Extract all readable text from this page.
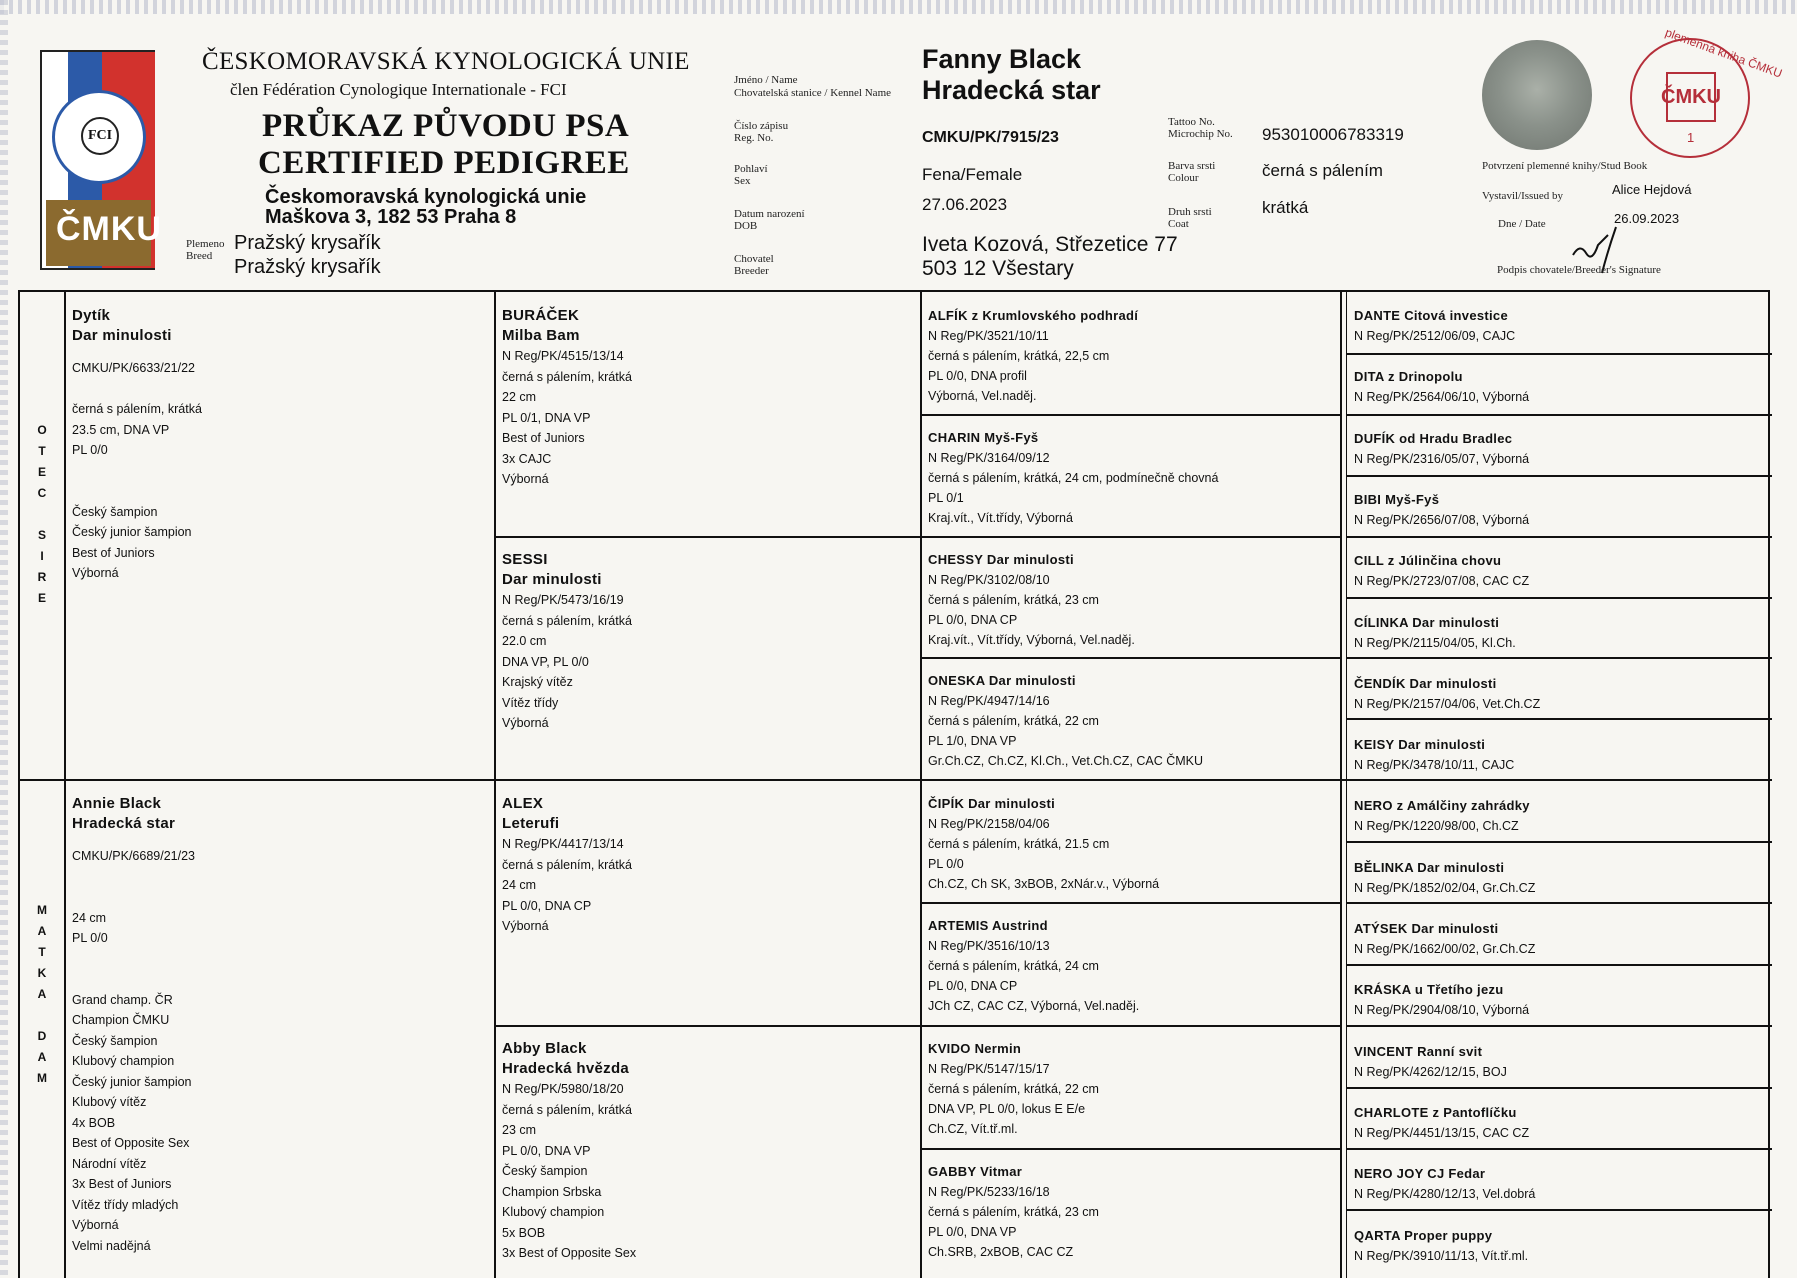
FCI
ČMKU
ČESKOMORAVSKÁ KYNOLOGICKÁ UNIE
člen Fédération Cynologique Internationale - FCI
PRŮKAZ PŮVODU PSA
CERTIFIED PEDIGREE
Českomoravská kynologická unie
Maškova 3, 182 53 Praha 8
Plemeno
Breed
Pražský krysařík
Pražský krysařík
Jméno / Name
Chovatelská stanice / Kennel Name
Fanny Black
Hradecká star
Číslo zápisu
Reg. No.	CMKU/PK/7915/23
Pohlaví
Sex	Fena/Female
Datum narození
DOB
27.06.2023
Chovatel
Breeder
Iveta Kozová, Střezetice 77
503 12 Všestary
Tattoo No.
Microchip No. 953010006783319
Barva srsti
Colour	černá s pálením
Druh srsti
Coat
krátká
plemenná kniha ČMKU
ČMKU
1
Potvrzení plemenné knihy/Stud Book
Vystavil/Issued by	Alice Hejdová
Dne / Date	26.09.2023
Podpis chovatele/Breeder's Signature
O
T
E
C
S
I
R
E
M
A
T
K
A
D
A
M
Dytík
Dar minulosti
CMKU/PK/6633/21/22
černá s pálením, krátká
23.5 cm, DNA VP
PL 0/0
Český šampion
Český junior šampion
Best of Juniors
Výborná
Annie Black
Hradecká star
CMKU/PK/6689/21/23
24 cm
PL 0/0
Grand champ. ČR
Champion ČMKU
Český šampion
Klubový champion
Český junior šampion
Klubový vítěz
4x BOB
Best of Opposite Sex
Národní vítěz
3x Best of Juniors
Vítěz třídy mladých
Výborná
Velmi nadějná
BURÁČEK
Milba Bam
N Reg/PK/4515/13/14
černá s pálením, krátká
22 cm
PL 0/1, DNA VP
Best of Juniors
3x CAJC
Výborná
SESSI
Dar minulosti
N Reg/PK/5473/16/19
černá s pálením, krátká
22.0 cm
DNA VP, PL 0/0
Krajský vítěz
Vítěz třídy
Výborná
ALEX
Leterufi
N Reg/PK/4417/13/14
černá s pálením, krátká
24 cm
PL 0/0, DNA CP
Výborná
Abby Black
Hradecká hvězda
N Reg/PK/5980/18/20
černá s pálením, krátká
23 cm
PL 0/0, DNA VP
Český šampion
Champion Srbska
Klubový champion
5x BOB
3x Best of Opposite Sex
ALFÍK z Krumlovského podhradí
N Reg/PK/3521/10/11
černá s pálením, krátká, 22,5 cm
PL 0/0, DNA profil
Výborná, Vel.naděj.
CHARIN Myš-Fyš
N Reg/PK/3164/09/12
černá s pálením, krátká, 24 cm, podmínečně chovná
PL 0/1
Kraj.vít., Vít.třídy, Výborná
CHESSY Dar minulosti
N Reg/PK/3102/08/10
černá s pálením, krátká, 23 cm
PL 0/0, DNA CP
Kraj.vít., Vít.třídy, Výborná, Vel.naděj.
ONESKA Dar minulosti
N Reg/PK/4947/14/16
černá s pálením, krátká, 22 cm
PL 1/0, DNA VP
Gr.Ch.CZ, Ch.CZ, Kl.Ch., Vet.Ch.CZ, CAC ČMKU
ČIPÍK Dar minulosti
N Reg/PK/2158/04/06
černá s pálením, krátká, 21.5 cm
PL 0/0
Ch.CZ, Ch SK, 3xBOB, 2xNár.v., Výborná
ARTEMIS Austrind
N Reg/PK/3516/10/13
černá s pálením, krátká, 24 cm
PL 0/0, DNA CP
JCh CZ, CAC CZ, Výborná, Vel.naděj.
KVIDO Nermin
N Reg/PK/5147/15/17
černá s pálením, krátká, 22 cm
DNA VP, PL 0/0, lokus E E/e
Ch.CZ, Vít.tř.ml.
GABBY Vitmar
N Reg/PK/5233/16/18
černá s pálením, krátká, 23 cm
PL 0/0, DNA VP
Ch.SRB, 2xBOB, CAC CZ
DANTE Citová investice
N Reg/PK/2512/06/09, CAJC
DITA z Drinopolu
N Reg/PK/2564/06/10, Výborná
DUFÍK od Hradu Bradlec
N Reg/PK/2316/05/07, Výborná
BIBI Myš-Fyš
N Reg/PK/2656/07/08, Výborná
CILL z Júlinčina chovu
N Reg/PK/2723/07/08, CAC CZ
CÍLINKA Dar minulosti
N Reg/PK/2115/04/05, Kl.Ch.
ČENDÍK Dar minulosti
N Reg/PK/2157/04/06, Vet.Ch.CZ
KEISY Dar minulosti
N Reg/PK/3478/10/11, CAJC
NERO z Amálčiny zahrádky
N Reg/PK/1220/98/00, Ch.CZ
BĚLINKA Dar minulosti
N Reg/PK/1852/02/04, Gr.Ch.CZ
ATÝSEK Dar minulosti
N Reg/PK/1662/00/02, Gr.Ch.CZ
KRÁSKA u Třetího jezu
N Reg/PK/2904/08/10, Výborná
VINCENT Ranní svit
N Reg/PK/4262/12/15, BOJ
CHARLOTE z Pantoflíčku
N Reg/PK/4451/13/15, CAC CZ
NERO JOY CJ Fedar
N Reg/PK/4280/12/13, Vel.dobrá
QARTA Proper puppy
N Reg/PK/3910/11/13, Vít.tř.ml.
